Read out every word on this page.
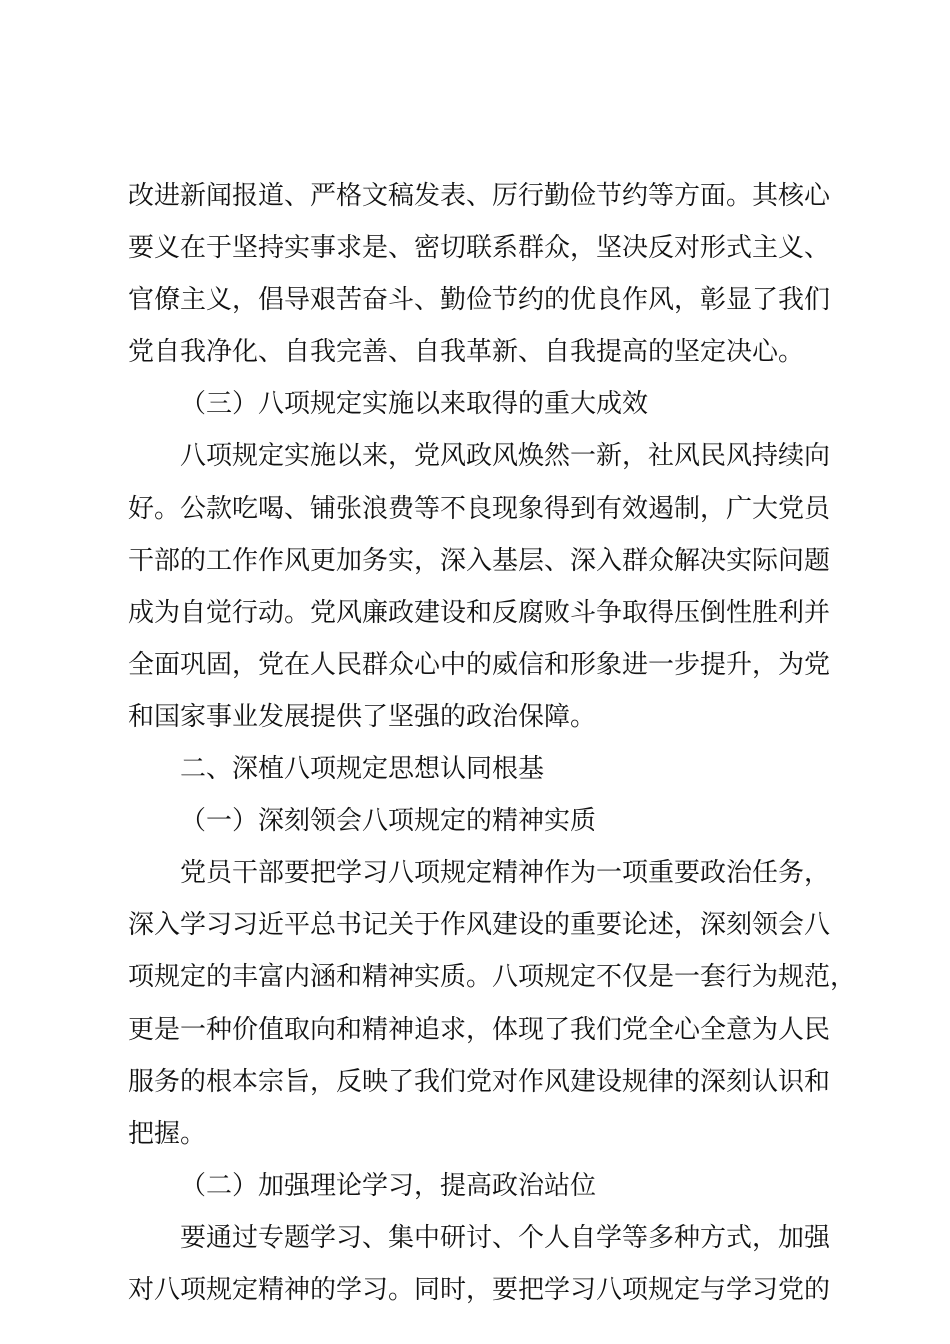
改进新闻报道、严格文稿发表、厉行勤俭节约等方面。其核心
要义在于坚持实事求是、密切联系群众，坚决反对形式主义、
官僚主义，倡导艰苦奋斗、勤俭节约的优良作风，彰显了我们
党自我净化、自我完善、自我革新、自我提高的坚定决心。
（三）八项规定实施以来取得的重大成效
八项规定实施以来，党风政风焕然一新，社风民风持续向
好。公款吃喝、铺张浪费等不良现象得到有效遏制，广大党员
干部的工作作风更加务实，深入基层、深入群众解决实际问题
成为自觉行动。党风廉政建设和反腐败斗争取得压倒性胜利并
全面巩固，党在人民群众心中的威信和形象进一步提升，为党
和国家事业发展提供了坚强的政治保障。
二、深植八项规定思想认同根基
（一）深刻领会八项规定的精神实质
党员干部要把学习八项规定精神作为一项重要政治任务，
深入学习习近平总书记关于作风建设的重要论述，深刻领会八
项规定的丰富内涵和精神实质。八项规定不仅是一套行为规范，
更是一种价值取向和精神追求，体现了我们党全心全意为人民
服务的根本宗旨，反映了我们党对作风建设规律的深刻认识和
把握。
（二）加强理论学习，提高政治站位
要通过专题学习、集中研讨、个人自学等多种方式，加强
对八项规定精神的学习。同时，要把学习八项规定与学习党的
